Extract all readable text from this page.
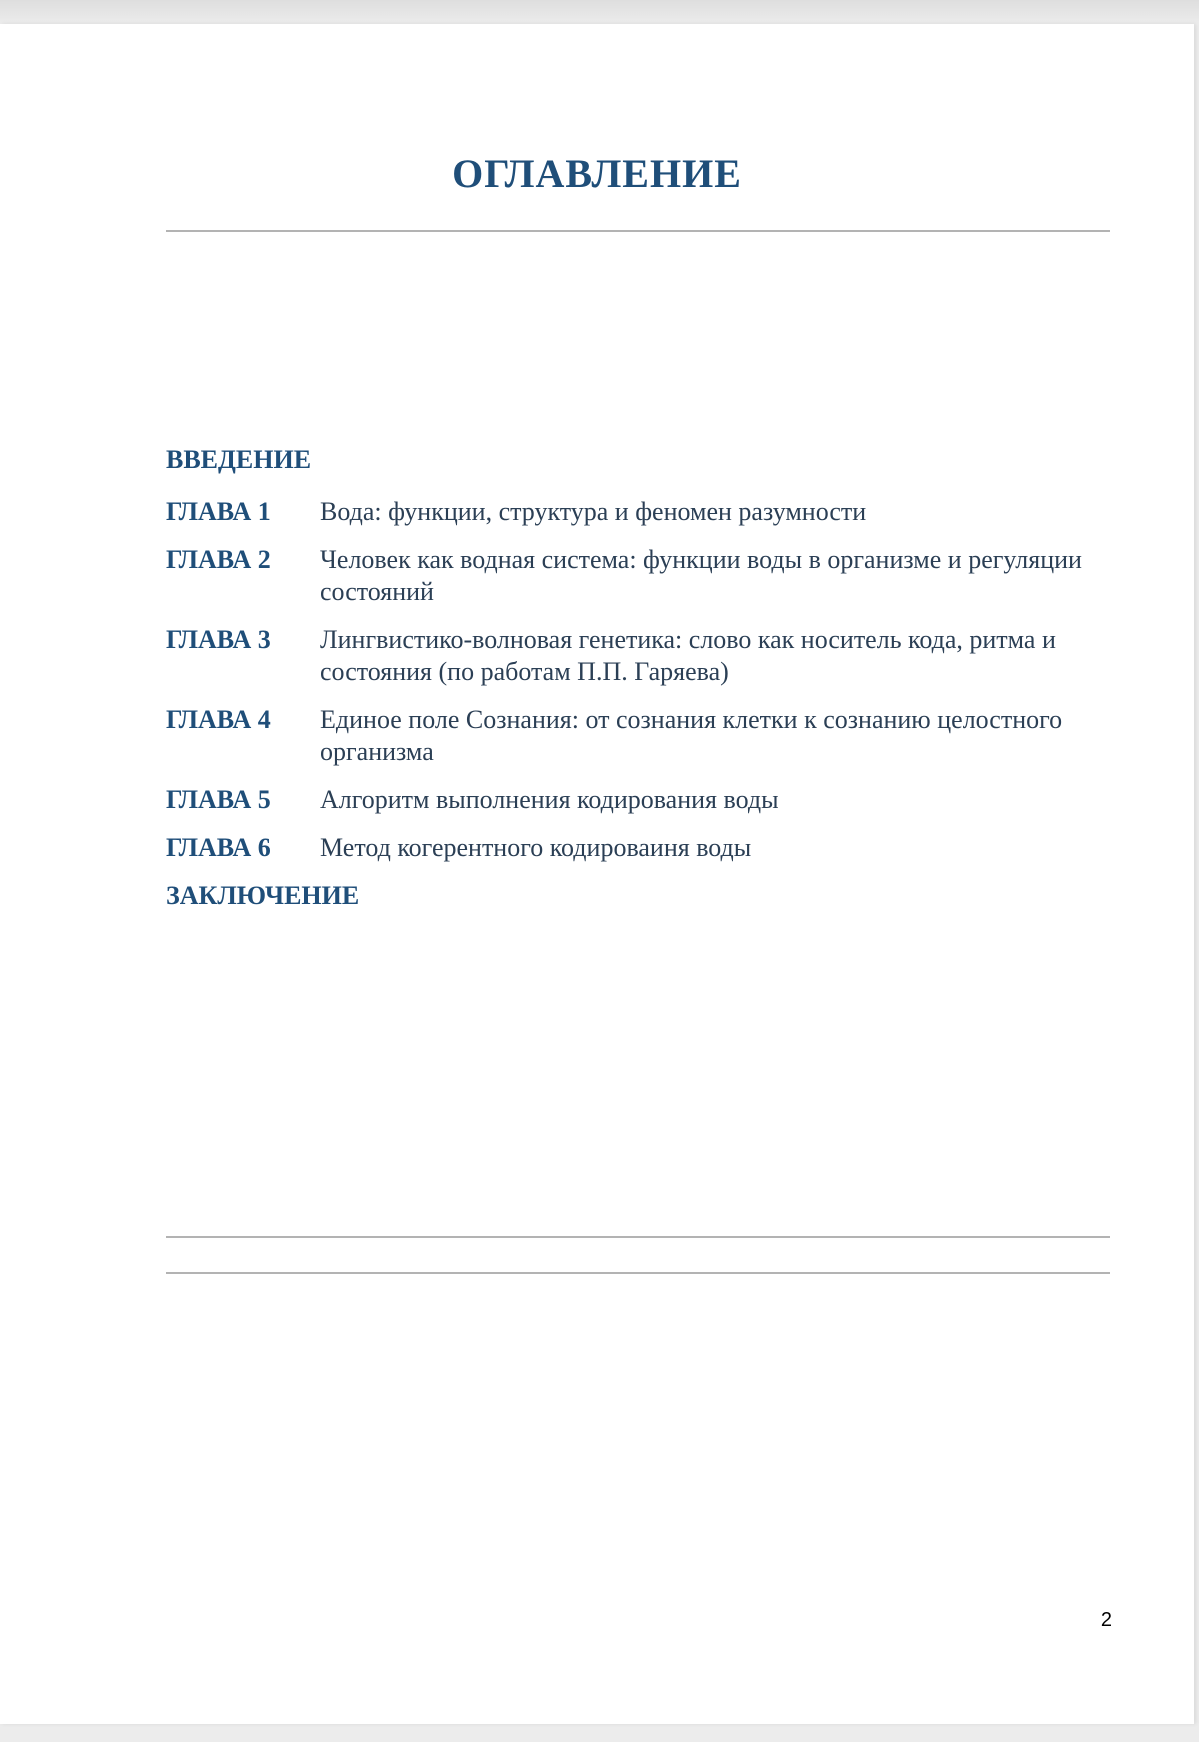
ОГЛАВЛЕНИЕ
ВВЕДЕНИЕ
ГЛАВА 1	Вода: функции, структура и феномен разумности
ГЛАВА 2	Человек как водная система: функции воды в организме и регуляции состояний
ГЛАВА 3	Лингвистико-волновая генетика: слово как носитель кода, ритма и состояния (по работам П.П. Гаряева)
ГЛАВА 4	Единое поле Сознания: от сознания клетки к сознанию целостного организма
ГЛАВА 5	Алгоритм выполнения кодирования воды
ГЛАВА 6	Метод когерентного кодироваиня воды
ЗАКЛЮЧЕНИЕ
2
